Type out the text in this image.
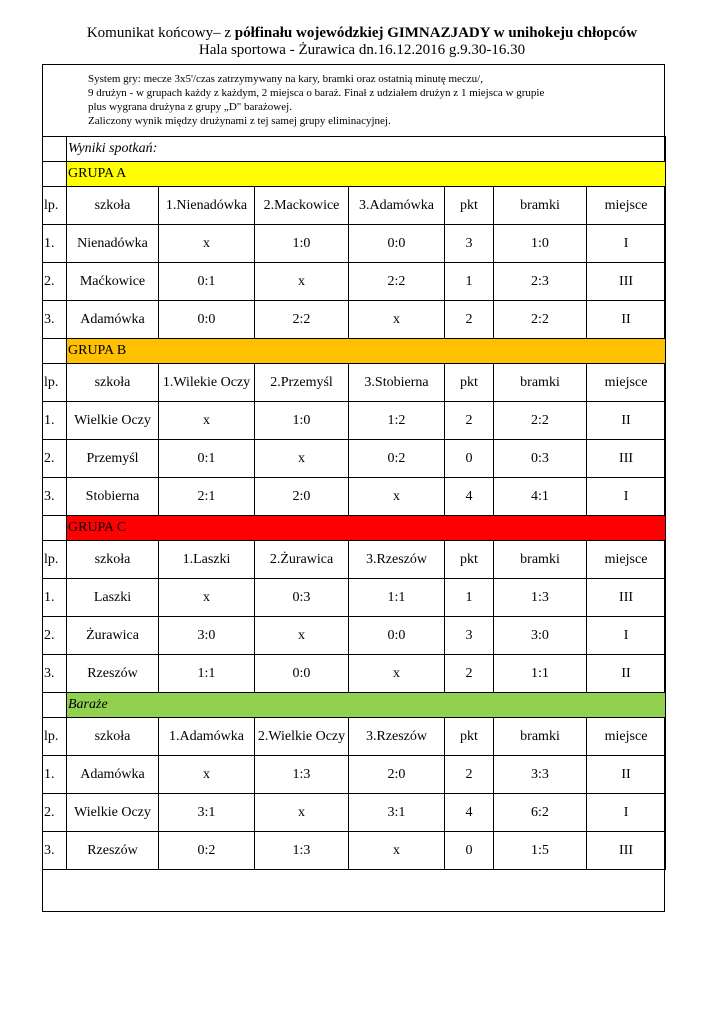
Komunikat końcowy– z półfinału wojewódzkiej GIMNAZJADY w unihokeju chłopców
Hala sportowa - Żurawica dn.16.12.2016 g.9.30-16.30
System gry: mecze 3x5'/czas zatrzymywany na kary, bramki oraz ostatnią minutę meczu/,
9 drużyn - w grupach każdy z każdym, 2 miejsca o baraż. Finał z udziałem drużyn z 1 miejsca w grupie
plus wygrana drużyna z grupy „D" barażowej.
Zaliczony wynik między drużynami z tej samej grupy eliminacyjnej.
	Wyniki spotkań:						
	GRUPA A						
lp.	szkoła	1.Nienadówka	2.Mackowice	3.Adamówka	pkt	bramki	miejsce
1.	Nienadówka	x	1:0	0:0	3	1:0	I
2.	Maćkowice	0:1	x	2:2	1	2:3	III
3.	Adamówka	0:0	2:2	x	2	2:2	II
	GRUPA B						
lp.	szkoła	1.Wilekie Oczy	2.Przemyśl	3.Stobierna	pkt	bramki	miejsce
1.	Wielkie Oczy	x	1:0	1:2	2	2:2	II
2.	Przemyśl	0:1	x	0:2	0	0:3	III
3.	Stobierna	2:1	2:0	x	4	4:1	I
	GRUPA C						
lp.	szkoła	1.Laszki	2.Żurawica	3.Rzeszów	pkt	bramki	miejsce
1.	Laszki	x	0:3	1:1	1	1:3	III
2.	Żurawica	3:0	x	0:0	3	3:0	I
3.	Rzeszów	1:1	0:0	x	2	1:1	II
	Baraże						
lp.	szkoła	1.Adamówka	2.Wielkie Oczy	3.Rzeszów	pkt	bramki	miejsce
1.	Adamówka	x	1:3	2:0	2	3:3	II
2.	Wielkie Oczy	3:1	x	3:1	4	6:2	I
3.	Rzeszów	0:2	1:3	x	0	1:5	III
